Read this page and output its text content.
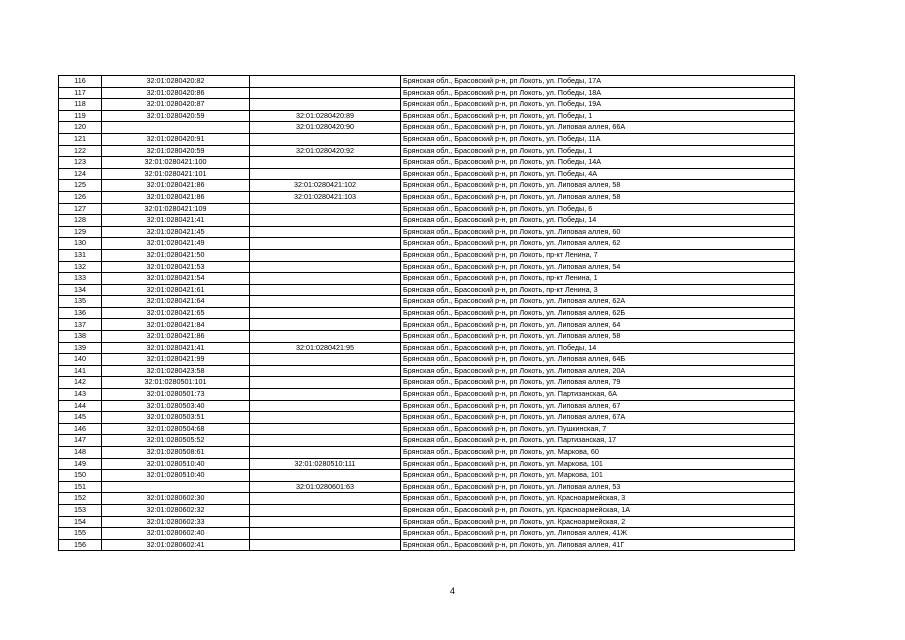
116	32:01:0280420:82		Брянская обл., Брасовский р-н, рп Локоть, ул. Победы, 17А
117	32:01:0280420:86		Брянская обл., Брасовский р-н, рп Локоть, ул. Победы, 18А
118	32:01:0280420:87		Брянская обл., Брасовский р-н, рп Локоть, ул. Победы, 19А
119	32:01:0280420:59	32:01:0280420:89	Брянская обл., Брасовский р-н, рп Локоть, ул. Победы, 1
120		32:01:0280420:90	Брянская обл., Брасовский р-н, рп Локоть, ул. Липовая аллея, 66А
121	32:01:0280420:91		Брянская обл., Брасовский р-н, рп Локоть, ул. Победы, 11А
122	32:01:0280420:59	32:01:0280420:92	Брянская обл., Брасовский р-н, рп Локоть, ул. Победы, 1
123	32:01:0280421:100		Брянская обл., Брасовский р-н, рп Локоть, ул. Победы, 14А
124	32:01:0280421:101		Брянская обл., Брасовский р-н, рп Локоть, ул. Победы, 4А
125	32:01:0280421:86	32:01:0280421:102	Брянская обл., Брасовский р-н, рп Локоть, ул. Липовая аллея, 58
126	32:01:0280421:86	32:01:0280421:103	Брянская обл., Брасовский р-н, рп Локоть, ул. Липовая аллея, 58
127	32:01:0280421:109		Брянская обл., Брасовский р-н, рп Локоть, ул. Победы, 6
128	32:01:0280421:41		Брянская обл., Брасовский р-н, рп Локоть, ул. Победы, 14
129	32:01:0280421:45		Брянская обл., Брасовский р-н, рп Локоть, ул. Липовая аллея, 60
130	32:01:0280421:49		Брянская обл., Брасовский р-н, рп Локоть, ул. Липовая аллея, 62
131	32:01:0280421:50		Брянская обл., Брасовский р-н, рп Локоть, пр-кт Ленина, 7
132	32:01:0280421:53		Брянская обл., Брасовский р-н, рп Локоть, ул. Липовая аллея, 54
133	32:01:0280421:54		Брянская обл., Брасовский р-н, рп Локоть, пр-кт Ленина, 1
134	32:01:0280421:61		Брянская обл., Брасовский р-н, рп Локоть, пр-кт Ленина, 3
135	32:01:0280421:64		Брянская обл., Брасовский р-н, рп Локоть, ул. Липовая аллея, 62А
136	32:01:0280421:65		Брянская обл., Брасовский р-н, рп Локоть, ул. Липовая аллея, 62Б
137	32:01:0280421:84		Брянская обл., Брасовский р-н, рп Локоть, ул. Липовая аллея, 64
138	32:01:0280421:86		Брянская обл., Брасовский р-н, рп Локоть, ул. Липовая аллея, 58
139	32:01:0280421:41	32:01:0280421:95	Брянская обл., Брасовский р-н, рп Локоть, ул. Победы, 14
140	32:01:0280421:99		Брянская обл., Брасовский р-н, рп Локоть, ул. Липовая аллея, 64Б
141	32:01:0280423:58		Брянская обл., Брасовский р-н, рп Локоть, ул. Липовая аллея, 20А
142	32:01:0280501:101		Брянская обл., Брасовский р-н, рп Локоть, ул. Липовая аллея, 79
143	32:01:0280501:73		Брянская обл., Брасовский р-н, рп Локоть, ул. Партизанская, 6А
144	32:01:0280503:40		Брянская обл., Брасовский р-н, рп Локоть, ул. Липовая аллея, 67
145	32:01:0280503:51		Брянская обл., Брасовский р-н, рп Локоть, ул. Липовая аллея, 67А
146	32:01:0280504:68		Брянская обл., Брасовский р-н, рп Локоть, ул. Пушкинская, 7
147	32:01:0280505:52		Брянская обл., Брасовский р-н, рп Локоть, ул. Партизанская, 17
148	32:01:0280508:61		Брянская обл., Брасовский р-н, рп Локоть, ул. Маркова, 60
149	32:01:0280510:40	32:01:0280510:111	Брянская обл., Брасовский р-н, рп Локоть, ул. Маркова, 101
150	32:01:0280510:40		Брянская обл., Брасовский р-н, рп Локоть, ул. Маркова, 101
151		32:01:0280601:63	Брянская обл., Брасовский р-н, рп Локоть, ул. Липовая аллея, 53
152	32:01:0280602:30		Брянская обл., Брасовский р-н, рп Локоть, ул. Красноармейская, 3
153	32:01:0280602:32		Брянская обл., Брасовский р-н, рп Локоть, ул. Красноармейская, 1А
154	32:01:0280602:33		Брянская обл., Брасовский р-н, рп Локоть, ул. Красноармейская, 2
155	32:01:0280602:40		Брянская обл., Брасовский р-н, рп Локоть, ул. Липовая аллея, 41Ж
156	32:01:0280602:41		Брянская обл., Брасовский р-н, рп Локоть, ул. Липовая аллея, 41Г
4
